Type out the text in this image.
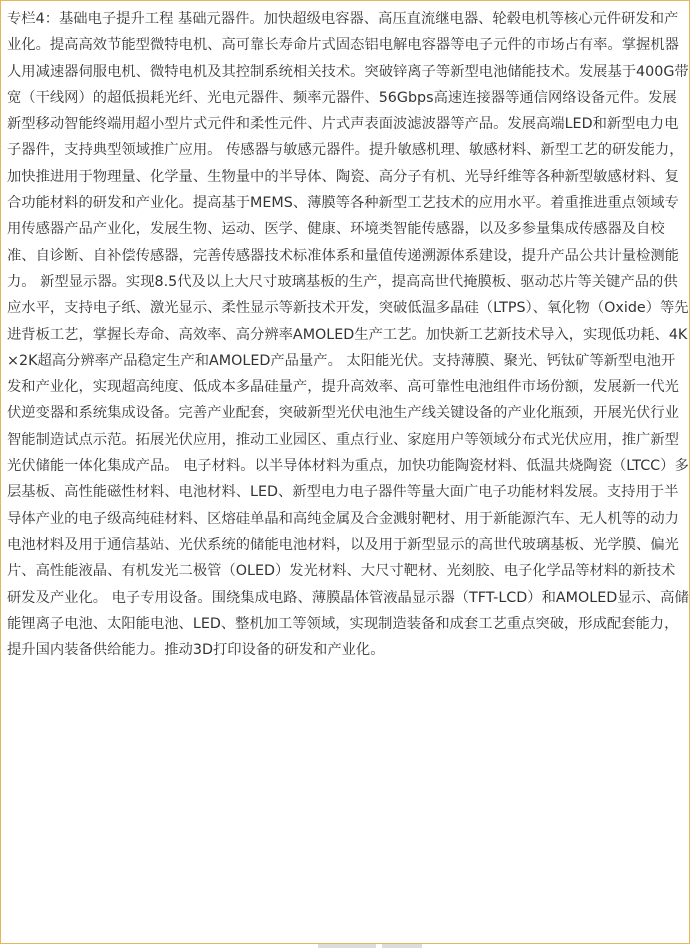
专栏4：基础电子提升工程 基础元器件。加快超级电容器、高压直流继电器、轮毂电机等核心元件研发和产业化。提高高效节能型微特电机、高可靠长寿命片式固态铝电解电容器等电子元件的市场占有率。掌握机器人用减速器伺服电机、微特电机及其控制系统相关技术。突破锌离子等新型电池储能技术。发展基于400G带宽（干线网）的超低损耗光纤、光电元器件、频率元器件、56Gbps高速连接器等通信网络设备元件。发展新型移动智能终端用超小型片式元件和柔性元件、片式声表面波滤波器等产品。发展高端LED和新型电力电子器件，支持典型领域推广应用。 传感器与敏感元器件。提升敏感机理、敏感材料、新型工艺的研发能力，加快推进用于物理量、化学量、生物量中的半导体、陶瓷、高分子有机、光导纤维等各种新型敏感材料、复合功能材料的研发和产业化。提高基于MEMS、薄膜等各种新型工艺技术的应用水平。着重推进重点领域专用传感器产品产业化，发展生物、运动、医学、健康、环境类智能传感器，以及多参量集成传感器及自校准、自诊断、自补偿传感器，完善传感器技术标准体系和量值传递溯源体系建设，提升产品公共计量检测能力。 新型显示器。实现8.5代及以上大尺寸玻璃基板的生产，提高高世代掩膜板、驱动芯片等关键产品的供应水平，支持电子纸、激光显示、柔性显示等新技术开发，突破低温多晶硅（LTPS）、氧化物（Oxide）等先进背板工艺，掌握长寿命、高效率、高分辨率AMOLED生产工艺。加快新工艺新技术导入，实现低功耗、4K×2K超高分辨率产品稳定生产和AMOLED产品量产。 太阳能光伏。支持薄膜、聚光、钙钛矿等新型电池开发和产业化，实现超高纯度、低成本多晶硅量产，提升高效率、高可靠性电池组件市场份额，发展新一代光伏逆变器和系统集成设备。完善产业配套，突破新型光伏电池生产线关键设备的产业化瓶颈，开展光伏行业智能制造试点示范。拓展光伏应用，推动工业园区、重点行业、家庭用户等领域分布式光伏应用，推广新型光伏储能一体化集成产品。 电子材料。以半导体材料为重点，加快功能陶瓷材料、低温共烧陶瓷（LTCC）多层基板、高性能磁性材料、电池材料、LED、新型电力电子器件等量大面广电子功能材料发展。支持用于半导体产业的电子级高纯硅材料、区熔硅单晶和高纯金属及合金溅射靶材、用于新能源汽车、无人机等的动力电池材料及用于通信基站、光伏系统的储能电池材料，以及用于新型显示的高世代玻璃基板、光学膜、偏光片、高性能液晶、有机发光二极管（OLED）发光材料、大尺寸靶材、光刻胶、电子化学品等材料的新技术研发及产业化。 电子专用设备。围绕集成电路、薄膜晶体管液晶显示器（TFT-LCD）和AMOLED显示、高储能锂离子电池、太阳能电池、LED、整机加工等领域，实现制造装备和成套工艺重点突破，形成配套能力，提升国内装备供给能力。推动3D打印设备的研发和产业化。
